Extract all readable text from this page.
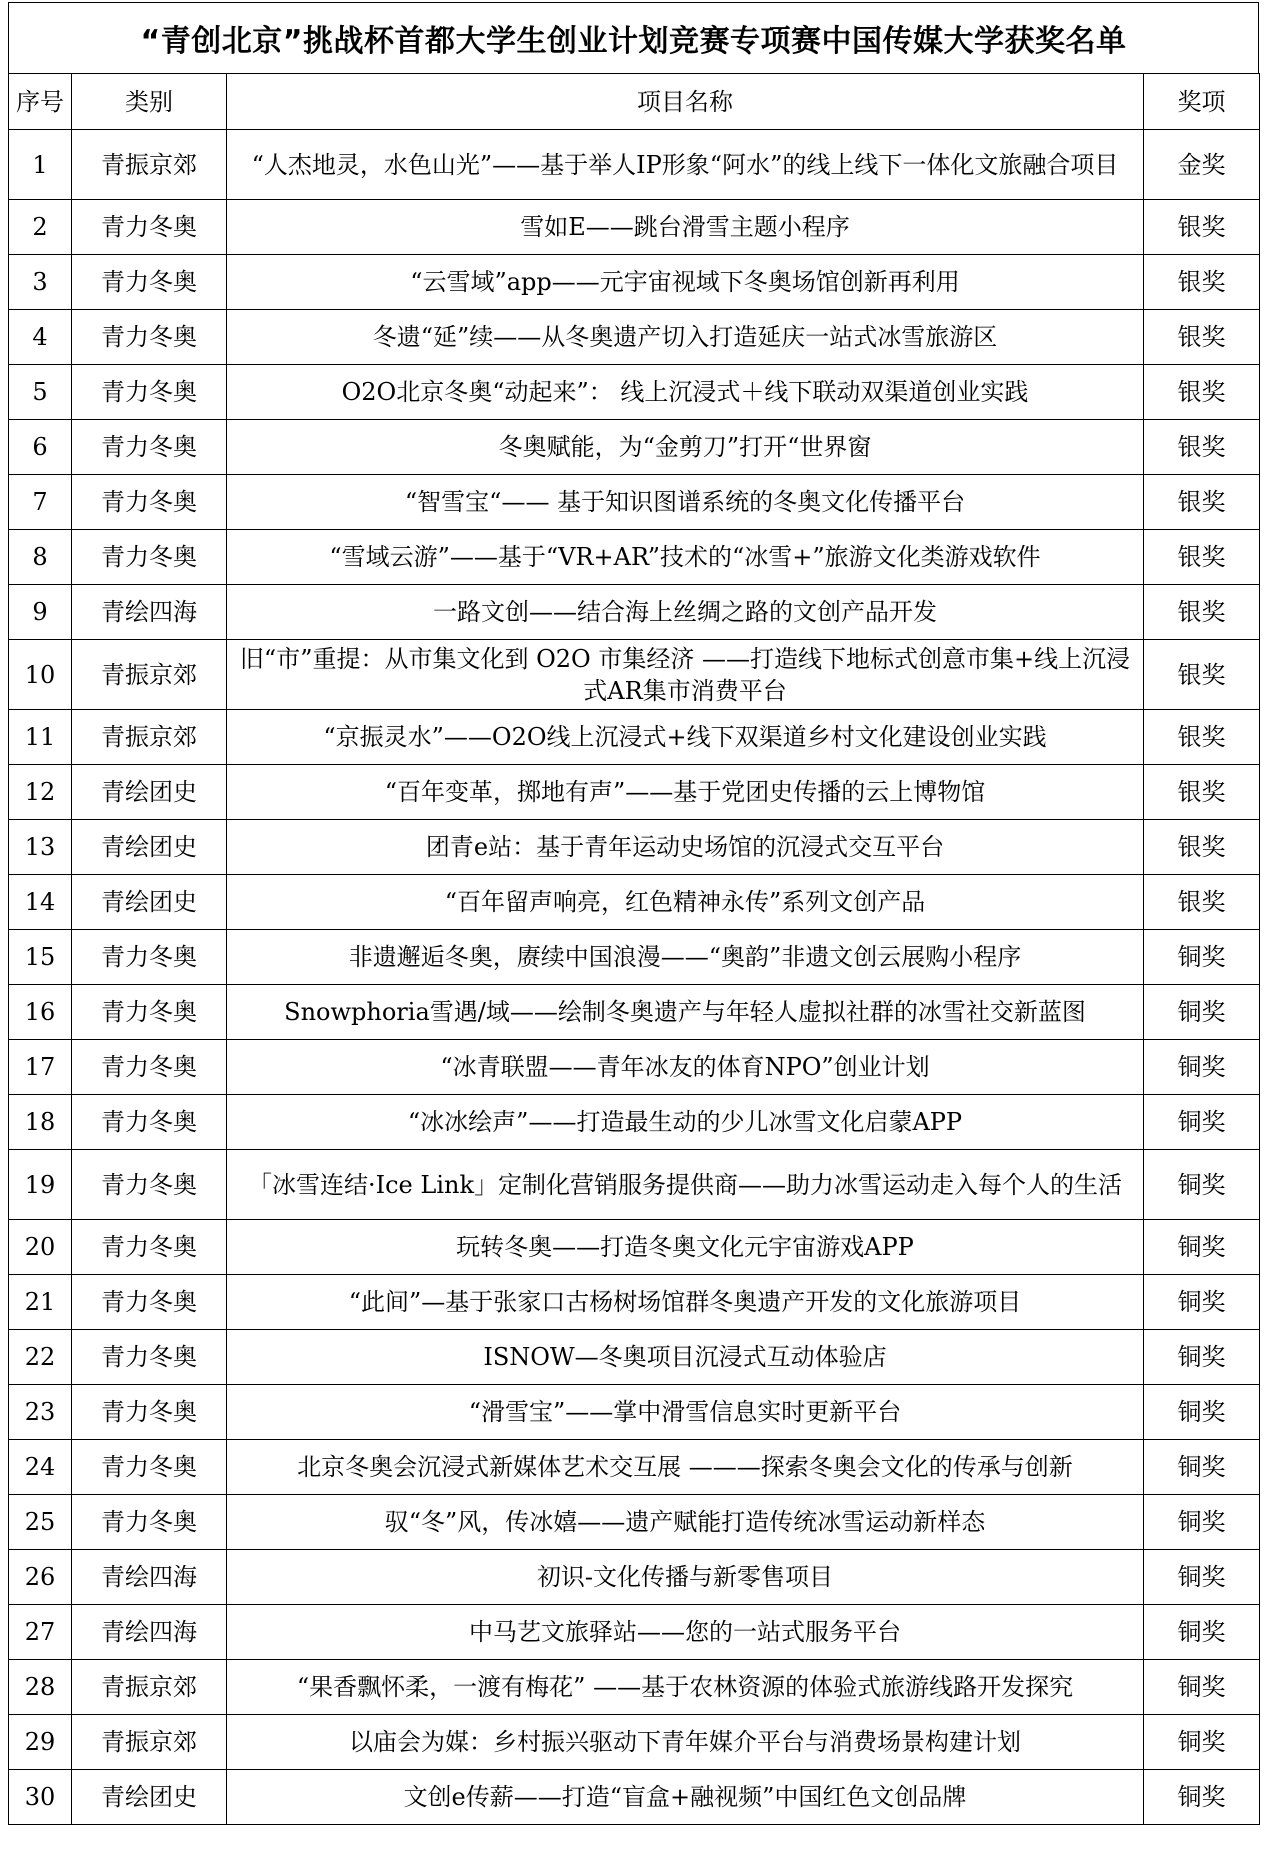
“青创北京”挑战杯首都大学生创业计划竞赛专项赛中国传媒大学获奖名单
序号	类别	项目名称	奖项
1	青振京郊	“人杰地灵，水色山光”——基于举人IP形象“阿水”的线上线下一体化文旅融合项目	金奖
2	青力冬奥	雪如E——跳台滑雪主题小程序	银奖
3	青力冬奥	“云雪域”app——元宇宙视域下冬奥场馆创新再利用	银奖
4	青力冬奥	冬遗“延”续——从冬奥遗产切入打造延庆一站式冰雪旅游区	银奖
5	青力冬奥	O2O北京冬奥“动起来”： 线上沉浸式＋线下联动双渠道创业实践	银奖
6	青力冬奥	冬奥赋能，为“金剪刀”打开“世界窗	银奖
7	青力冬奥	“智雪宝“—— 基于知识图谱系统的冬奥文化传播平台	银奖
8	青力冬奥	“雪域云游”——基于“VR+AR”技术的“冰雪+”旅游文化类游戏软件	银奖
9	青绘四海	一路文创——结合海上丝绸之路的文创产品开发	银奖
10	青振京郊	旧“市”重提：从市集文化到 O2O 市集经济 ——打造线下地标式创意市集+线上沉浸式AR集市消费平台	银奖
11	青振京郊	“京振灵水”——O2O线上沉浸式+线下双渠道乡村文化建设创业实践	银奖
12	青绘团史	“百年变革，掷地有声”——基于党团史传播的云上博物馆	银奖
13	青绘团史	团青e站：基于青年运动史场馆的沉浸式交互平台	银奖
14	青绘团史	“百年留声响亮，红色精神永传”系列文创产品	银奖
15	青力冬奥	非遗邂逅冬奥，赓续中国浪漫——“奥韵”非遗文创云展购小程序	铜奖
16	青力冬奥	Snowphoria雪遇/域——绘制冬奥遗产与年轻人虚拟社群的冰雪社交新蓝图	铜奖
17	青力冬奥	“冰青联盟——青年冰友的体育NPO”创业计划	铜奖
18	青力冬奥	“冰冰绘声”——打造最生动的少儿冰雪文化启蒙APP	铜奖
19	青力冬奥	「冰雪连结·Ice Link」定制化营销服务提供商——助力冰雪运动走入每个人的生活	铜奖
20	青力冬奥	玩转冬奥——打造冬奥文化元宇宙游戏APP	铜奖
21	青力冬奥	“此间”—基于张家口古杨树场馆群冬奥遗产开发的文化旅游项目	铜奖
22	青力冬奥	ISNOW—冬奥项目沉浸式互动体验店	铜奖
23	青力冬奥	“滑雪宝”——掌中滑雪信息实时更新平台	铜奖
24	青力冬奥	北京冬奥会沉浸式新媒体艺术交互展 ———探索冬奥会文化的传承与创新	铜奖
25	青力冬奥	驭“冬”风，传冰嬉——遗产赋能打造传统冰雪运动新样态	铜奖
26	青绘四海	初识-文化传播与新零售项目	铜奖
27	青绘四海	中马艺文旅驿站——您的一站式服务平台	铜奖
28	青振京郊	“果香飘怀柔，一渡有梅花” ——基于农林资源的体验式旅游线路开发探究	铜奖
29	青振京郊	以庙会为媒：乡村振兴驱动下青年媒介平台与消费场景构建计划	铜奖
30	青绘团史	文创e传薪——打造“盲盒+融视频”中国红色文创品牌	铜奖
